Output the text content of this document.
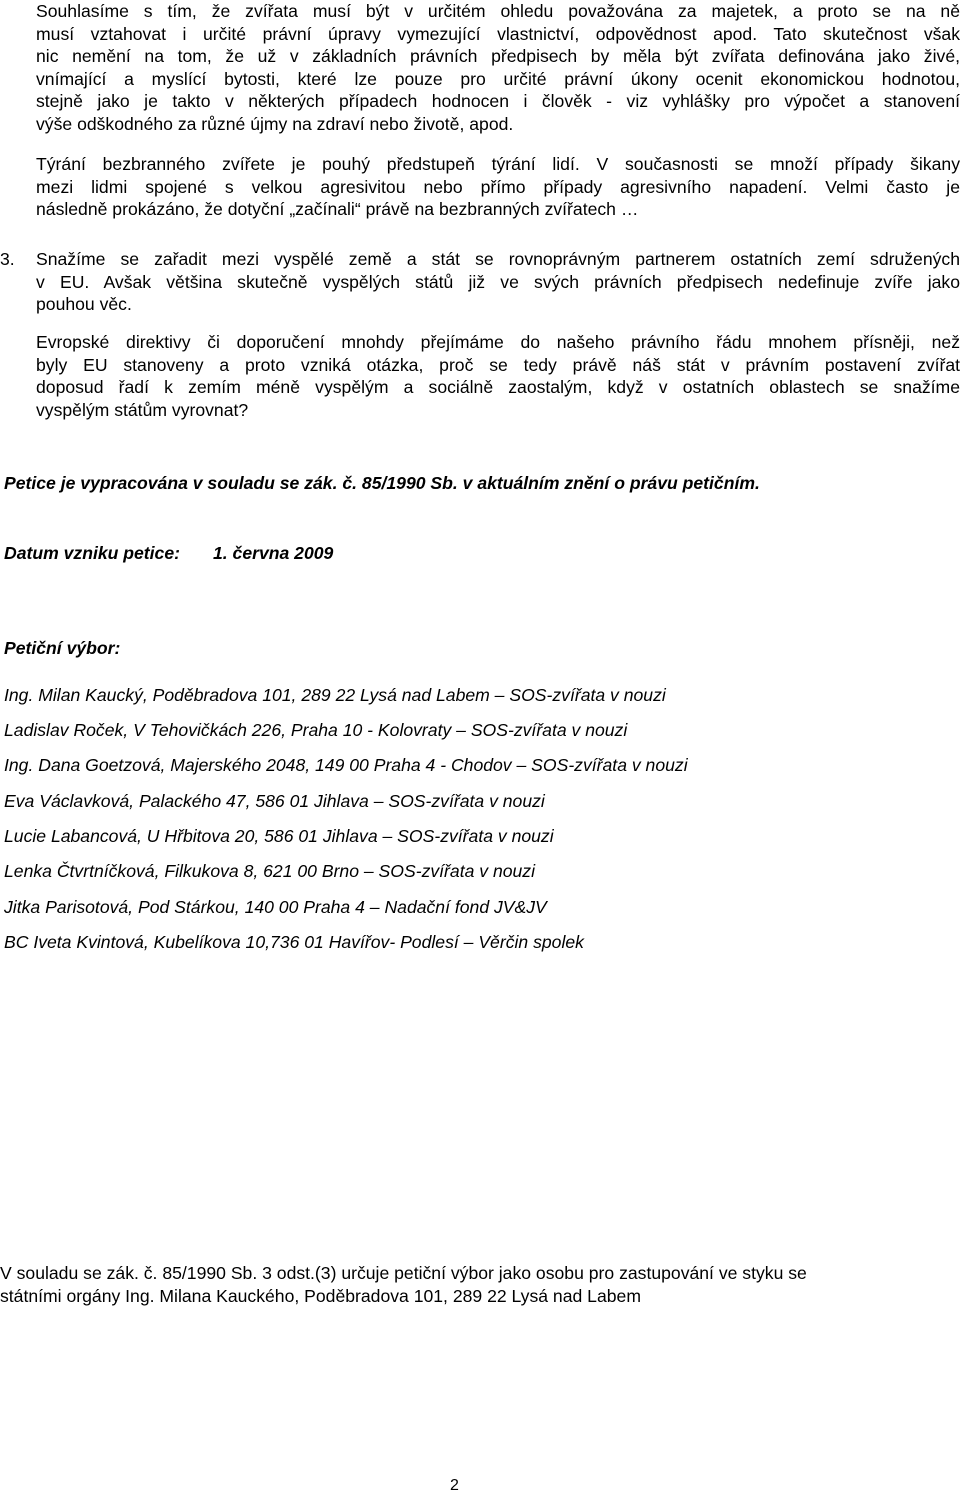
Souhlasíme s tím, že zvířata musí být v určitém ohledu považována za majetek, a proto se na ně
musí vztahovat i určité právní úpravy vymezující vlastnictví, odpovědnost apod. Tato skutečnost však
nic nemění na tom, že už v základních právních předpisech by měla být zvířata definována jako živé,
vnímající a myslící bytosti, které lze pouze pro určité právní úkony ocenit ekonomickou hodnotou,
stejně jako je takto v některých případech hodnocen i člověk - viz vyhlášky pro výpočet a stanovení
výše odškodného za různé újmy na zdraví nebo životě, apod.
Týrání bezbranného zvířete je pouhý předstupeň týrání lidí. V současnosti se množí případy šikany
mezi lidmi spojené s velkou agresivitou nebo přímo případy agresivního napadení. Velmi často je
následně prokázáno, že dotyční „začínali“ právě na bezbranných zvířatech …
3. Snažíme se zařadit mezi vyspělé země a stát se rovnoprávným partnerem ostatních zemí sdružených
v EU. Avšak většina skutečně vyspělých států již ve svých právních předpisech nedefinuje zvíře jako
pouhou věc.
Evropské direktivy či doporučení mnohdy přejímáme do našeho právního řádu mnohem přísněji, než
byly EU stanoveny a proto vzniká otázka, proč se tedy právě náš stát v právním postavení zvířat
doposud řadí k zemím méně vyspělým a sociálně zaostalým, když v ostatních oblastech se snažíme
vyspělým státům vyrovnat?
Petice je vypracována v souladu se zák. č. 85/1990 Sb. v aktuálním znění o právu petičním.
Datum vzniku petice: 1. června 2009
Petiční výbor:
Ing. Milan Kaucký, Poděbradova 101, 289 22 Lysá nad Labem – SOS-zvířata v nouzi
Ladislav Roček, V Tehovičkách 226, Praha 10 - Kolovraty – SOS-zvířata v nouzi
Ing. Dana Goetzová, Majerského 2048, 149 00 Praha 4 - Chodov – SOS-zvířata v nouzi
Eva Václavková, Palackého 47, 586 01 Jihlava – SOS-zvířata v nouzi
Lucie Labancová, U Hřbitova 20, 586 01 Jihlava – SOS-zvířata v nouzi
Lenka Čtvrtníčková, Filkukova 8, 621 00 Brno – SOS-zvířata v nouzi
Jitka Parisotová, Pod Stárkou, 140 00 Praha 4 – Nadační fond JV&JV
BC Iveta Kvintová, Kubelíkova 10,736 01 Havířov- Podlesí – Věrčin spolek
V souladu se zák. č. 85/1990 Sb. 3 odst.(3) určuje petiční výbor jako osobu pro zastupování ve styku se
státními orgány Ing. Milana Kauckého, Poděbradova 101, 289 22 Lysá nad Labem
2
